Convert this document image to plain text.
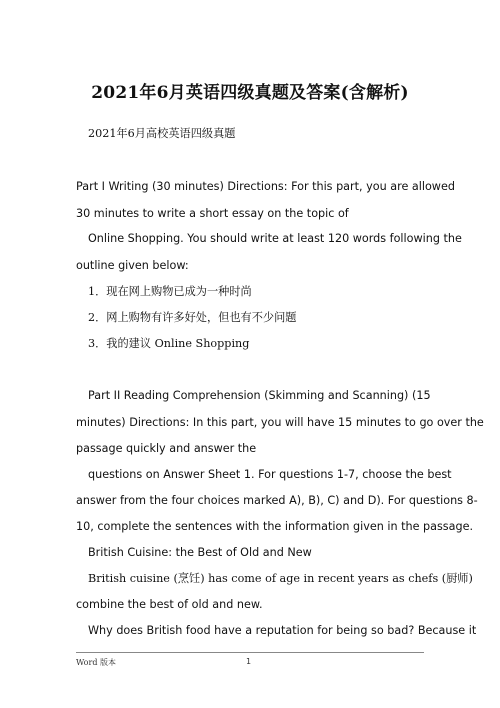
2021年6月英语四级真题及答案(含解析)
2021年6月高校英语四级真题
Part I Writing (30 minutes) Directions: For this part, you are allowed
30 minutes to write a short essay on the topic of
Online Shopping. You should write at least 120 words following the
outline given below:
1．现在网上购物已成为一种时尚
2．网上购物有许多好处，但也有不少问题
3．我的建议 Online Shopping
Part II Reading Comprehension (Skimming and Scanning) (15
minutes) Directions: In this part, you will have 15 minutes to go over the
passage quickly and answer the
questions on Answer Sheet 1. For questions 1-7, choose the best
answer from the four choices marked A), B), C) and D). For questions 8-
10, complete the sentences with the information given in the passage.
British Cuisine: the Best of Old and New
British cuisine (烹饪) has come of age in recent years as chefs (厨师)
combine the best of old and new.
Why does British food have a reputation for being so bad? Because it
Word 版本	1
